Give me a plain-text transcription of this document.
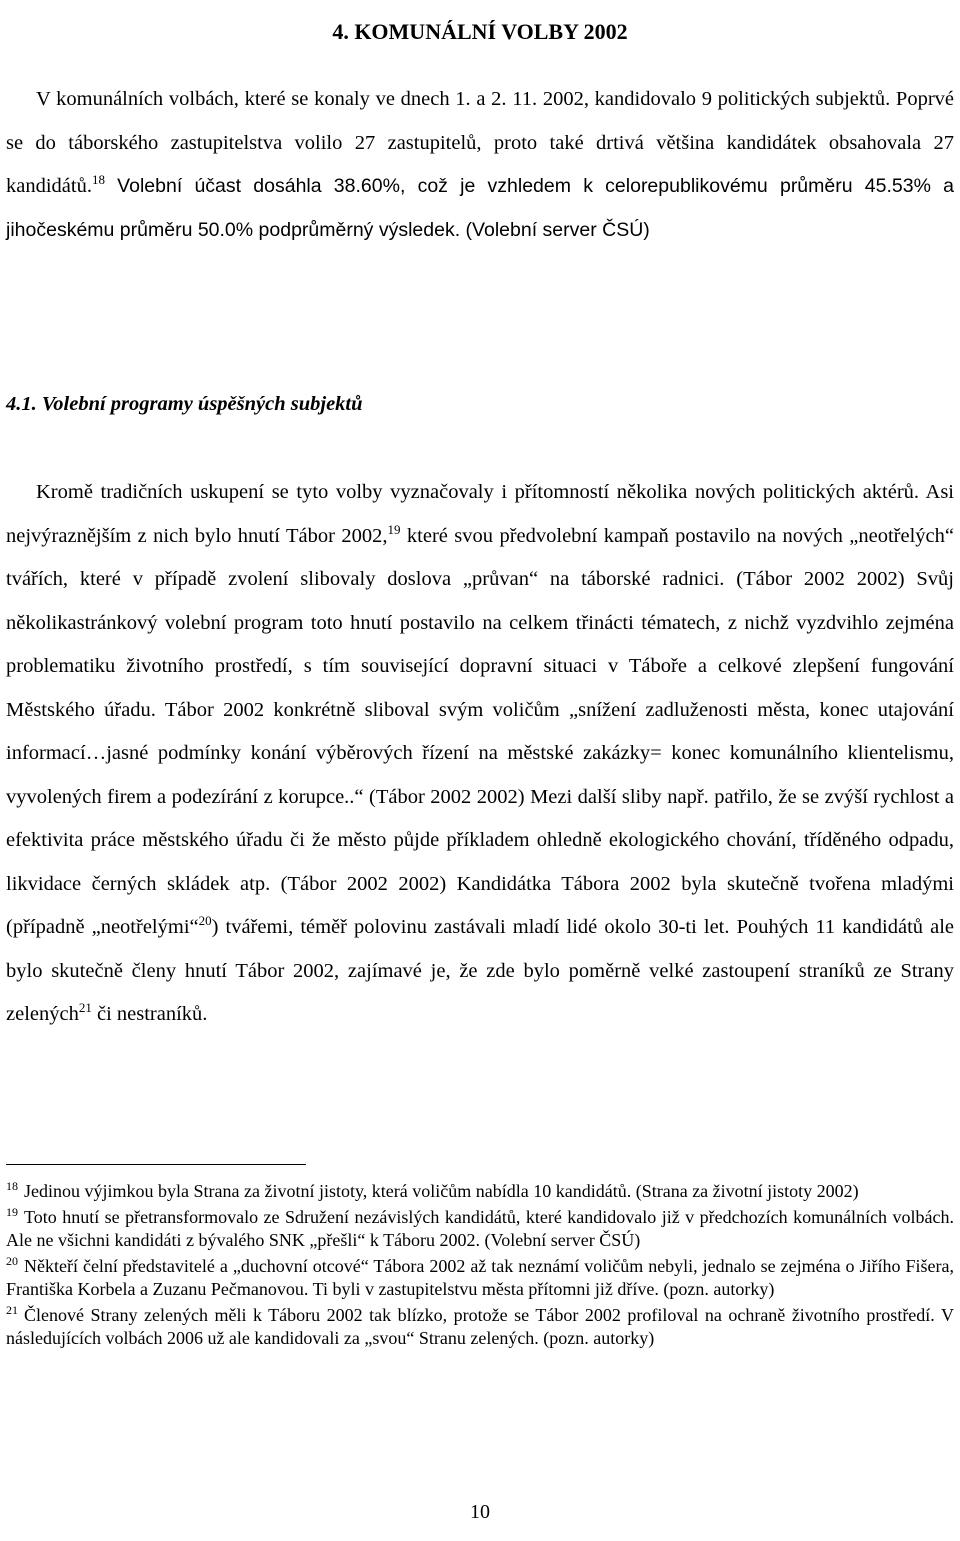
4. KOMUNÁLNÍ VOLBY 2002

V komunálních volbách, které se konaly ve dnech 1. a 2. 11. 2002, kandidovalo 9 politických subjektů. Poprvé se do táborského zastupitelstva volilo 27 zastupitelů, proto také drtivá většina kandidátek obsahovala 27 kandidátů.$^{18}$ Volební účast dosáhla 38.60%, což je vzhledem k celorepublikovému průměru 45.53% a jihočeskému průměru 50.0% podprůměrný výsledek. (Volební server ČSÚ)

4.1. Volební programy úspěšných subjektů

Kromě tradičních uskupení se tyto volby vyznačovaly i přítomností několika nových politických aktérů. Asi nejvýraznějším z nich bylo hnutí Tábor 2002,19 které svou předvolební kampaň postavilo na nových „neotřelých“ tvářích, které v případě zvolení slibovaly doslova „průvan“ na táborské radnici. (Tábor 2002 2002) Svůj několikastránkový volební program toto hnutí postavilo na celkem třinácti tématech, z nichž vyzdvihlo zejména problematiku životního prostředí, s tím související dopravní situaci v Táboře a celkové zlepšení fungování Městského úřadu. Tábor 2002 konkrétně sliboval svým voličům „snížení zadluženosti města, konec utajování informací…jasné podmínky konání výběrových řízení na městské zakázky= konec komunálního klientelismu, vyvolených firem a podezírání z korupce..“ (Tábor 2002 2002) Mezi další sliby např. patřilo, že se zvýší rychlost a efektivita práce městského úřadu či že město půjde příkladem ohledně ekologického chování, tříděného odpadu, likvidace černých skládek atp. (Tábor 2002 2002) Kandidátka Tábora 2002 byla skutečně tvořena mladými (případně „neotřelými“$^{20}$) tvářemi, téměř polovinu zastávali mladí lidé okolo 30-ti let. Pouhých 11 kandidátů ale bylo skutečně členy hnutí Tábor 2002, zajímavé je, že zde bylo poměrně velké zastoupení straníků ze Strany zelených$^{21}$ či nestraníků.

$^{18}$ Jedinou výjimkou byla Strana za životní jistoty, která voličům nabídla 10 kandidátů. (Strana za životní jistoty 2002)

$^{19}$ Toto hnutí se přetransformovalo ze Sdružení nezávislých kandidátů, které kandidovalo již v předchozích komunálních volbách. Ale ne všichni kandidáti z bývalého SNK „přešli“ k Táboru 2002. (Volební server ČSÚ)

$^{20}$ Někteří čelní představitelé a „duchovní otcové“ Tábora 2002 až tak neznámí voličům nebyli, jednalo se zejména o Jiřího Fišera, Františka Korbela a Zuzanu Pečmanovou. Ti byli v zastupitelstvu města přítomni již dříve. (pozn. autorky)

$^{21}$ Členové Strany zelených měli k Táboru 2002 tak blízko, protože se Tábor 2002 profiloval na ochraně životního prostředí. V následujících volbách 2006 už ale kandidovali za „svou“ Stranu zelených. (pozn. autorky)

10
